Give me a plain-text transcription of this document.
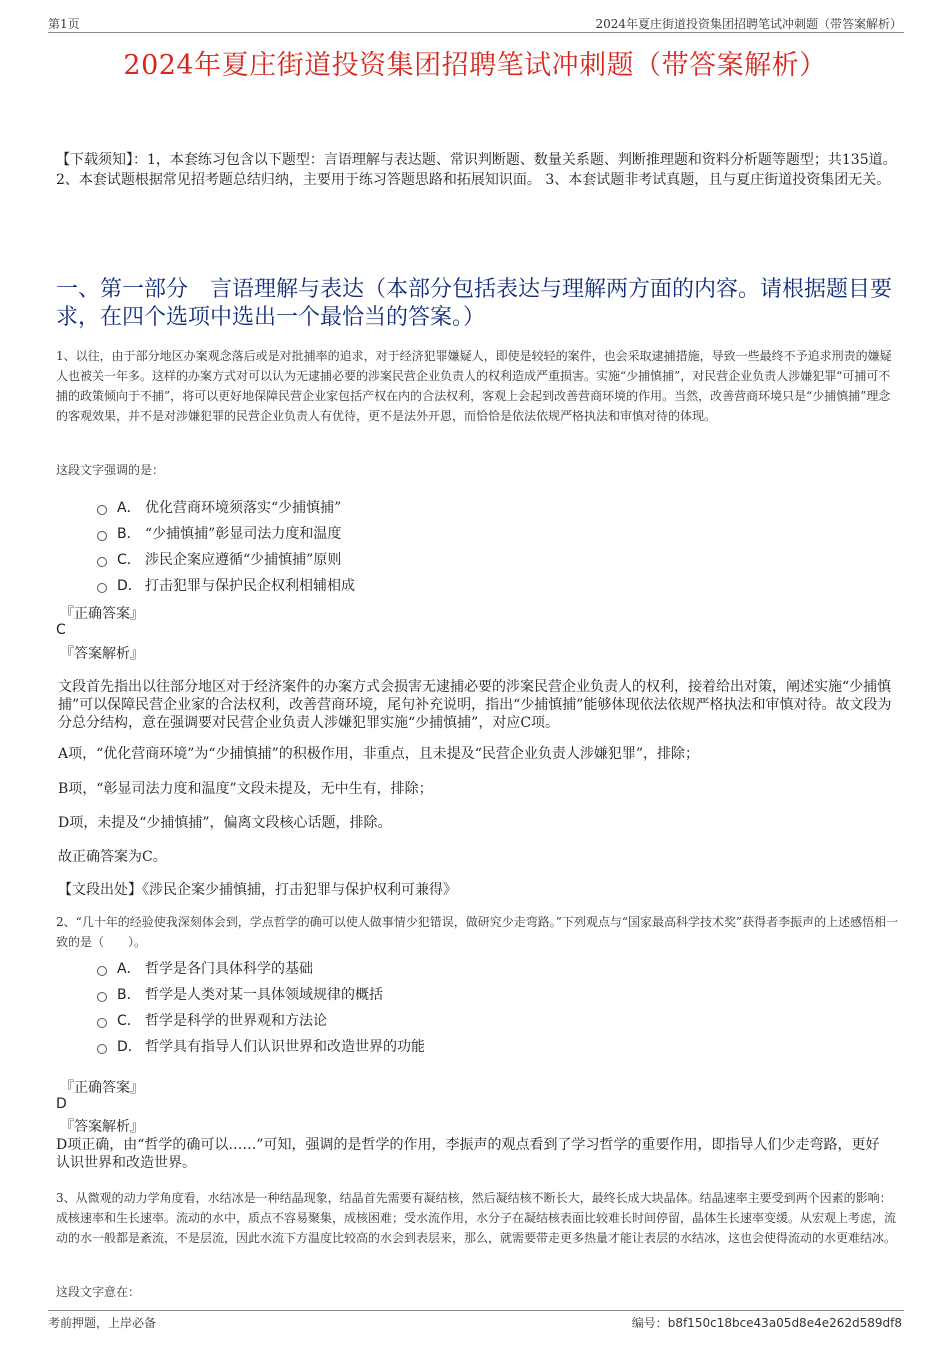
第1页	2024年夏庄街道投资集团招聘笔试冲刺题（带答案解析）
2024年夏庄街道投资集团招聘笔试冲刺题（带答案解析）
【下载须知】：1，本套练习包含以下题型：言语理解与表达题、常识判断题、数量关系题、判断推理题和资料分析题等题型；共135道。 2、本套试题根据常见招考题总结归纳，主要用于练习答题思路和拓展知识面。 3、本套试题非考试真题，且与夏庄街道投资集团无关。
一、第一部分　言语理解与表达（本部分包括表达与理解两方面的内容。请根据题目要求，在四个选项中选出一个最恰当的答案。）
1、以往，由于部分地区办案观念落后或是对批捕率的追求，对于经济犯罪嫌疑人，即使是较轻的案件，也会采取逮捕措施，导致一些最终不予追求刑责的嫌疑人也被关一年多。这样的办案方式对可以认为无逮捕必要的涉案民营企业负责人的权利造成严重损害。实施“少捕慎捕”，对民营企业负责人涉嫌犯罪“可捕可不捕的政策倾向于不捕”，将可以更好地保障民营企业家包括产权在内的合法权利，客观上会起到改善营商环境的作用。当然，改善营商环境只是“少捕慎捕”理念的客观效果，并不是对涉嫌犯罪的民营企业负责人有优待，更不是法外开恩，而恰恰是依法依规严格执法和审慎对待的体现。
这段文字强调的是：
A． 优化营商环境须落实“少捕慎捕”
B． “少捕慎捕”彰显司法力度和温度
C． 涉民企案应遵循“少捕慎捕”原则
D． 打击犯罪与保护民企权利相辅相成
『正确答案』
C
『答案解析』
文段首先指出以往部分地区对于经济案件的办案方式会损害无逮捕必要的涉案民营企业负责人的权利，接着给出对策，阐述实施“少捕慎捕”可以保障民营企业家的合法权利，改善营商环境，尾句补充说明，指出“少捕慎捕”能够体现依法依规严格执法和审慎对待。故文段为分总分结构，意在强调要对民营企业负责人涉嫌犯罪实施“少捕慎捕”，对应C项。
A项，“优化营商环境”为“少捕慎捕”的积极作用，非重点，且未提及“民营企业负责人涉嫌犯罪”，排除；
B项，“彰显司法力度和温度”文段未提及，无中生有，排除；
D项，未提及“少捕慎捕”，偏离文段核心话题，排除。
故正确答案为C。
【文段出处】《涉民企案少捕慎捕，打击犯罪与保护权利可兼得》
2、“几十年的经验使我深刻体会到，学点哲学的确可以使人做事情少犯错误，做研究少走弯路。”下列观点与“国家最高科学技术奖”获得者李振声的上述感悟相一致的是（　　）。
A． 哲学是各门具体科学的基础
B． 哲学是人类对某一具体领域规律的概括
C． 哲学是科学的世界观和方法论
D． 哲学具有指导人们认识世界和改造世界的功能
『正确答案』
D
『答案解析』
D项正确，由“哲学的确可以……”可知，强调的是哲学的作用，李振声的观点看到了学习哲学的重要作用，即指导人们少走弯路，更好认识世界和改造世界。
3、从微观的动力学角度看，水结冰是一种结晶现象，结晶首先需要有凝结核，然后凝结核不断长大，最终长成大块晶体。结晶速率主要受到两个因素的影响：成核速率和生长速率。流动的水中，质点不容易聚集，成核困难；受水流作用，水分子在凝结核表面比较难长时间停留，晶体生长速率变缓。从宏观上考虑，流动的水一般都是紊流，不是层流，因此水流下方温度比较高的水会到表层来，那么，就需要带走更多热量才能让表层的水结冰，这也会使得流动的水更难结冰。
这段文字意在：
考前押题，上岸必备	编号：b8f150c18bce43a05d8e4e262d589df8
